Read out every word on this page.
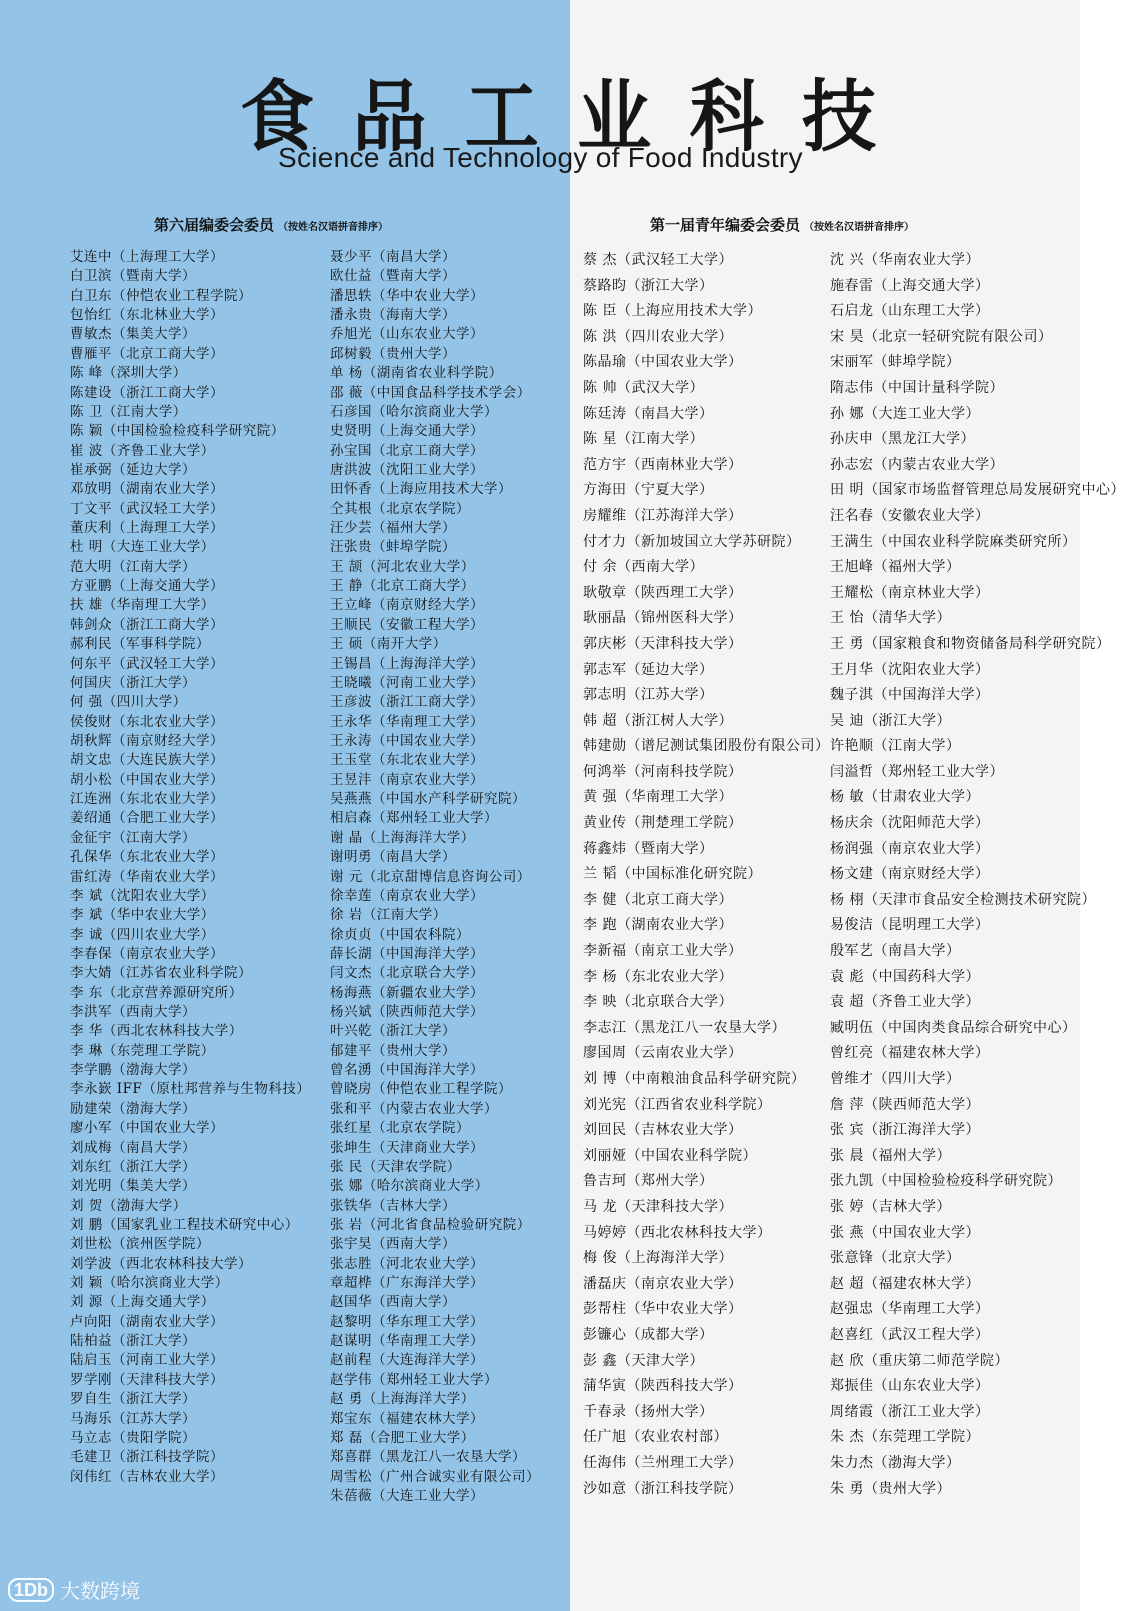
食 品 工 业 科 技
Science and Technology of Food Industry
第六届编委会委员 （按姓名汉语拼音排序）	第一届青年编委会委员 （按姓名汉语拼音排序）
艾连中（上海理工大学）
白卫滨（暨南大学）
白卫东（仲恺农业工程学院）
包怡红（东北林业大学）
曹敏杰（集美大学）
曹雁平（北京工商大学）
陈 峰（深圳大学）
陈建设（浙江工商大学）
陈 卫（江南大学）
陈 颖（中国检验检疫科学研究院）
崔 波（齐鲁工业大学）
崔承弼（延边大学）
邓放明（湖南农业大学）
丁文平（武汉轻工大学）
董庆利（上海理工大学）
杜 明（大连工业大学）
范大明（江南大学）
方亚鹏（上海交通大学）
扶 雄（华南理工大学）
韩剑众（浙江工商大学）
郝利民（军事科学院）
何东平（武汉轻工大学）
何国庆（浙江大学）
何 强（四川大学）
侯俊财（东北农业大学）
胡秋辉（南京财经大学）
胡文忠（大连民族大学）
胡小松（中国农业大学）
江连洲（东北农业大学）
姜绍通（合肥工业大学）
金征宇（江南大学）
孔保华（东北农业大学）
雷红涛（华南农业大学）
李 斌（沈阳农业大学）
李 斌（华中农业大学）
李 诚（四川农业大学）
李春保（南京农业大学）
李大婧（江苏省农业科学院）
李 东（北京营养源研究所）
李洪军（西南大学）
李 华（西北农林科技大学）
李 琳（东莞理工学院）
李学鹏（渤海大学）
李永嶔 IFF（原杜邦营养与生物科技）
励建荣（渤海大学）
廖小军（中国农业大学）
刘成梅（南昌大学）
刘东红（浙江大学）
刘光明（集美大学）
刘 贺（渤海大学）
刘 鹏（国家乳业工程技术研究中心）
刘世松（滨州医学院）
刘学波（西北农林科技大学）
刘 颖（哈尔滨商业大学）
刘 源（上海交通大学）
卢向阳（湖南农业大学）
陆柏益（浙江大学）
陆启玉（河南工业大学）
罗学刚（天津科技大学）
罗自生（浙江大学）
马海乐（江苏大学）
马立志（贵阳学院）
毛建卫（浙江科技学院）
闵伟红（吉林农业大学）
聂少平（南昌大学）
欧仕益（暨南大学）
潘思轶（华中农业大学）
潘永贵（海南大学）
乔旭光（山东农业大学）
邱树毅（贵州大学）
单 杨（湖南省农业科学院）
邵 薇（中国食品科学技术学会）
石彦国（哈尔滨商业大学）
史贤明（上海交通大学）
孙宝国（北京工商大学）
唐洪波（沈阳工业大学）
田怀香（上海应用技术大学）
仝其根（北京农学院）
汪少芸（福州大学）
汪张贵（蚌埠学院）
王 颉（河北农业大学）
王 静（北京工商大学）
王立峰（南京财经大学）
王顺民（安徽工程大学）
王 硕（南开大学）
王锡昌（上海海洋大学）
王晓曦（河南工业大学）
王彦波（浙江工商大学）
王永华（华南理工大学）
王永涛（中国农业大学）
王玉堂（东北农业大学）
王昱沣（南京农业大学）
吴燕燕（中国水产科学研究院）
相启森（郑州轻工业大学）
谢 晶（上海海洋大学）
谢明勇（南昌大学）
谢 元（北京甜博信息咨询公司）
徐幸莲（南京农业大学）
徐 岩（江南大学）
徐贞贞（中国农科院）
薛长湖（中国海洋大学）
闫文杰（北京联合大学）
杨海燕（新疆农业大学）
杨兴斌（陕西师范大学）
叶兴乾（浙江大学）
郁建平（贵州大学）
曾名湧（中国海洋大学）
曾晓房（仲恺农业工程学院）
张和平（内蒙古农业大学）
张红星（北京农学院）
张坤生（天津商业大学）
张 民（天津农学院）
张 娜（哈尔滨商业大学）
张铁华（吉林大学）
张 岩（河北省食品检验研究院）
张宇昊（西南大学）
张志胜（河北农业大学）
章超桦（广东海洋大学）
赵国华（西南大学）
赵黎明（华东理工大学）
赵谋明（华南理工大学）
赵前程（大连海洋大学）
赵学伟（郑州轻工业大学）
赵 勇（上海海洋大学）
郑宝东（福建农林大学）
郑 磊（合肥工业大学）
郑喜群（黑龙江八一农垦大学）
周雪松（广州合诚实业有限公司）
朱蓓薇（大连工业大学）
蔡 杰（武汉轻工大学）
蔡路昀（浙江大学）
陈 臣（上海应用技术大学）
陈 洪（四川农业大学）
陈晶瑜（中国农业大学）
陈 帅（武汉大学）
陈廷涛（南昌大学）
陈 星（江南大学）
范方宇（西南林业大学）
方海田（宁夏大学）
房耀维（江苏海洋大学）
付才力（新加坡国立大学苏研院）
付 余（西南大学）
耿敬章（陕西理工大学）
耿丽晶（锦州医科大学）
郭庆彬（天津科技大学）
郭志军（延边大学）
郭志明（江苏大学）
韩 超（浙江树人大学）
韩建勋（谱尼测试集团股份有限公司）
何鸿举（河南科技学院）
黄 强（华南理工大学）
黄业传（荆楚理工学院）
蒋鑫炜（暨南大学）
兰 韬（中国标准化研究院）
李 健（北京工商大学）
李 跑（湖南农业大学）
李新福（南京工业大学）
李 杨（东北农业大学）
李 映（北京联合大学）
李志江（黑龙江八一农垦大学）
廖国周（云南农业大学）
刘 博（中南粮油食品科学研究院）
刘光宪（江西省农业科学院）
刘回民（吉林农业大学）
刘丽娅（中国农业科学院）
鲁吉珂（郑州大学）
马 龙（天津科技大学）
马婷婷（西北农林科技大学）
梅 俊（上海海洋大学）
潘磊庆（南京农业大学）
彭帮柱（华中农业大学）
彭镰心（成都大学）
彭 鑫（天津大学）
蒲华寅（陕西科技大学）
千春录（扬州大学）
任广旭（农业农村部）
任海伟（兰州理工大学）
沙如意（浙江科技学院）
沈 兴（华南农业大学）
施春雷（上海交通大学）
石启龙（山东理工大学）
宋 昊（北京一轻研究院有限公司）
宋丽军（蚌埠学院）
隋志伟（中国计量科学院）
孙 娜（大连工业大学）
孙庆申（黑龙江大学）
孙志宏（内蒙古农业大学）
田 明（国家市场监督管理总局发展研究中心）
汪名春（安徽农业大学）
王满生（中国农业科学院麻类研究所）
王旭峰（福州大学）
王耀松（南京林业大学）
王 怡（清华大学）
王 勇（国家粮食和物资储备局科学研究院）
王月华（沈阳农业大学）
魏子淇（中国海洋大学）
吴 迪（浙江大学）
许艳顺（江南大学）
闫溢哲（郑州轻工业大学）
杨 敏（甘肃农业大学）
杨庆余（沈阳师范大学）
杨润强（南京农业大学）
杨文建（南京财经大学）
杨 栩（天津市食品安全检测技术研究院）
易俊洁（昆明理工大学）
殷军艺（南昌大学）
袁 彪（中国药科大学）
袁 超（齐鲁工业大学）
臧明伍（中国肉类食品综合研究中心）
曾红亮（福建农林大学）
曾维才（四川大学）
詹 萍（陕西师范大学）
张 宾（浙江海洋大学）
张 晨（福州大学）
张九凯（中国检验检疫科学研究院）
张 婷（吉林大学）
张 燕（中国农业大学）
张意锋（北京大学）
赵 超（福建农林大学）
赵强忠（华南理工大学）
赵喜红（武汉工程大学）
赵 欣（重庆第二师范学院）
郑振佳（山东农业大学）
周绪霞（浙江工业大学）
朱 杰（东莞理工学院）
朱力杰（渤海大学）
朱 勇（贵州大学）
1Db 大数跨境
